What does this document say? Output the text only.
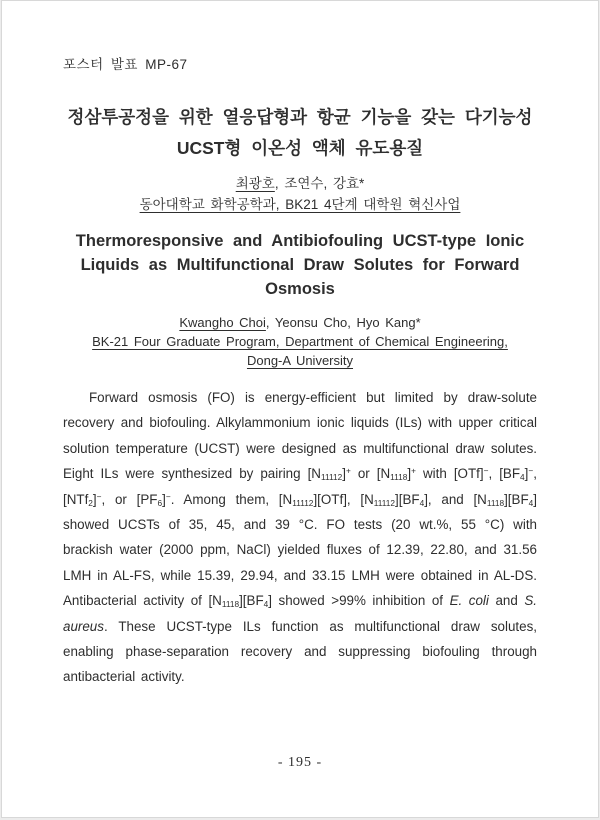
포스터 발표 MP-67
정삼투공정을 위한 열응답형과 항균 기능을 갖는 다기능성
UCST형 이온성 액체 유도용질
최광호, 조연수, 강효*
동아대학교 화학공학과, BK21 4단계 대학원 혁신사업
Thermoresponsive and Antibiofouling UCST-type Ionic
Liquids as Multifunctional Draw Solutes for Forward
Osmosis
Kwangho Choi, Yeonsu Cho, Hyo Kang*
BK-21 Four Graduate Program, Department of Chemical Engineering,
Dong-A University
Forward osmosis (FO) is energy-efficient but limited by draw-solute recovery and biofouling. Alkylammonium ionic liquids (ILs) with upper critical solution temperature (UCST) were designed as multifunctional draw solutes. Eight ILs were synthesized by pairing $[N_{11112}]^+$ or $[N_{1118}]^+$ with [OTf]−, $[BF_4]^-$, [NTf$_2$]−, or $[PF_6]^-$. Among them, $[N_{11112}][OTf]$, $[N_{11112}][BF_4]$, and $[N_{1118}][BF_4]$ showed UCSTs of 35, 45, and 39 °C. FO tests (20 wt.%, 55 °C) with brackish water (2000 ppm, NaCl) yielded fluxes of 12.39, 22.80, and 31.56 LMH in AL-FS, while 15.39, 29.94, and 33.15 LMH were obtained in AL-DS. Antibacterial activity of $[N_{1118}][BF_4]$ showed >99% inhibition of E. coli and S. aureus. These UCST-type ILs function as multifunctional draw solutes, enabling phase-separation recovery and suppressing biofouling through antibacterial activity.
- 195 -
